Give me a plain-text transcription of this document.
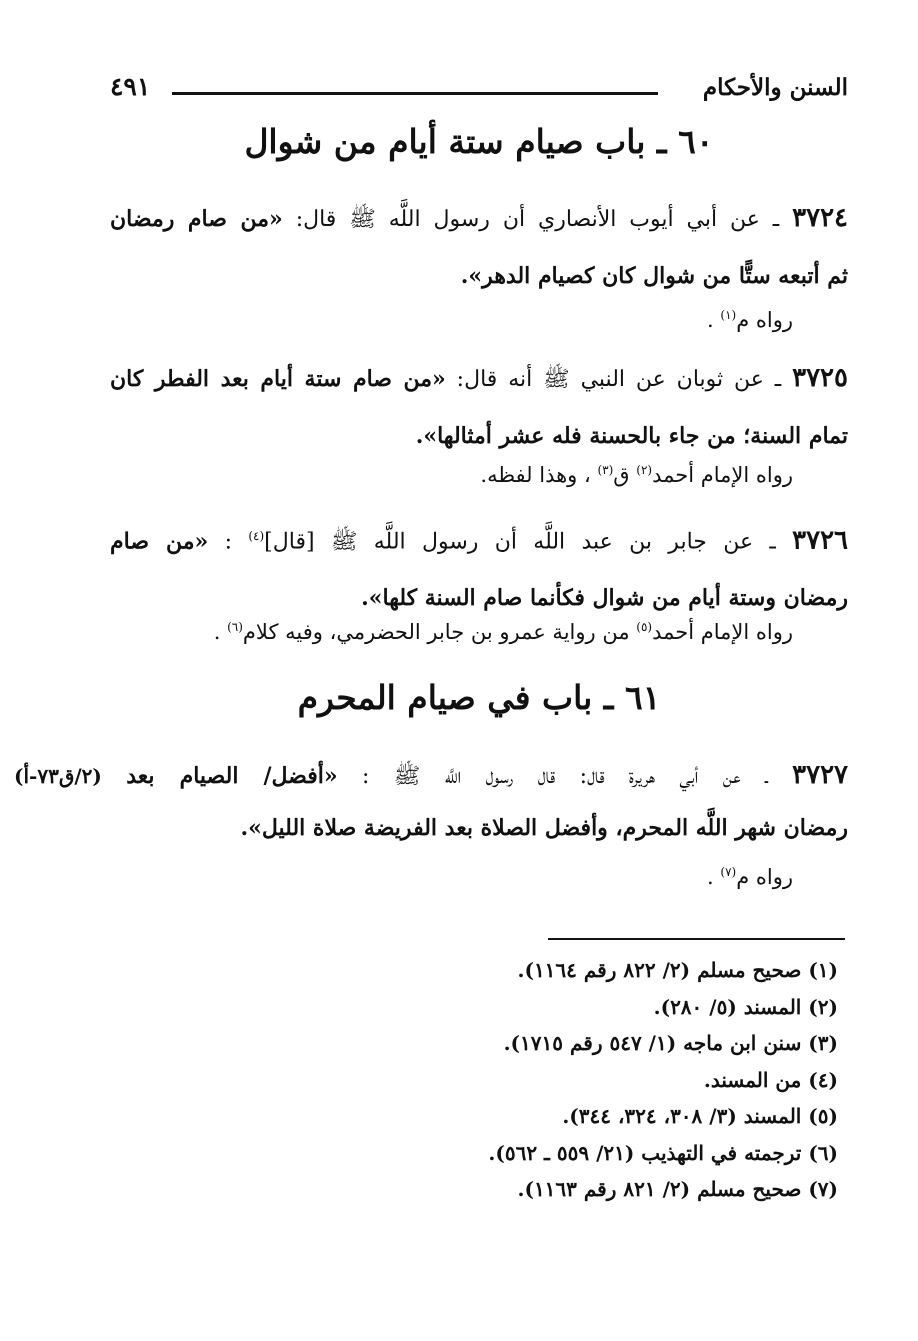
السنن والأحكام
٤٩١
٦٠ ـ باب صيام ستة أيام من شوال
٣٧٢٤ ـ عن أبي أيوب الأنصاري أن رسول اللَّه ﷺ قال: «من صام رمضان
ثم أتبعه ستًّا من شوال كان كصيام الدهر».
رواه م$^{(١)}$ .
٣٧٢٥ ـ عن ثوبان عن النبي ﷺ أنه قال: «من صام ستة أيام بعد الفطر كان
تمام السنة؛ من جاء بالحسنة فله عشر أمثالها».
رواه الإمام أحمد$^{(٢)}$ ق$^{(٣)}$ ، وهذا لفظه.
٣٧٢٦ ـ عن جابر بن عبد اللَّه أن رسول اللَّه ﷺ [قال]$^{(٤)}$ : «من صام
رمضان وستة أيام من شوال فكأنما صام السنة كلها».
رواه الإمام أحمد$^{(٥)}$ من رواية عمرو بن جابر الحضرمي، وفيه كلام$^{(٦)}$ .
٦١ ـ باب في صيام المحرم
٣٧٢٧ ـ عن أبي هريرة قال: قال رسول اللَّه ﷺ : «أفضل/ الصيام بعد (٢/ق٧٣-أ)
رمضان شهر اللَّه المحرم، وأفضل الصلاة بعد الفريضة صلاة الليل».
رواه م$^{(٧)}$ .
(١) صحيح مسلم (٢/ ٨٢٢ رقم ١١٦٤).
(٢) المسند (٥/ ٢٨٠).
(٣) سنن ابن ماجه (١/ ٥٤٧ رقم ١٧١٥).
(٤) من المسند.
(٥) المسند (٣/ ٣٠٨، ٣٢٤، ٣٤٤).
(٦) ترجمته في التهذيب (٢١/ ٥٥٩ ـ ٥٦٢).
(٧) صحيح مسلم (٢/ ٨٢١ رقم ١١٦٣).
